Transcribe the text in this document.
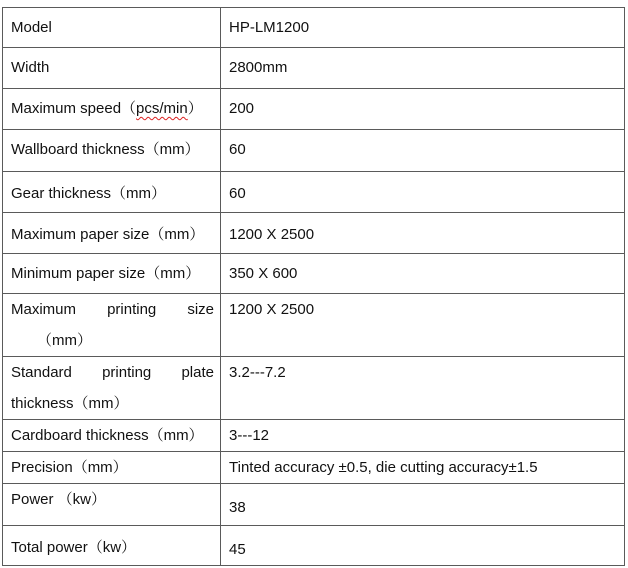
Model	HP-LM1200
Width	2800mm
Maximum speed（pcs/min）	200
Wallboard thickness（mm）	60
Gear thickness（mm）	60
Maximum paper size（mm）	1200 X 2500
Minimum paper size（mm）	350 X 600

Maximum printing size
（mm）	1200 X 2500

Standard printing plate
thickness（mm）	3.2---7.2
Cardboard thickness（mm）	3---12
Precision（mm）	Tinted accuracy ±0.5, die cutting accuracy±1.5
Power （kw）	38

Total power（kw）	45
